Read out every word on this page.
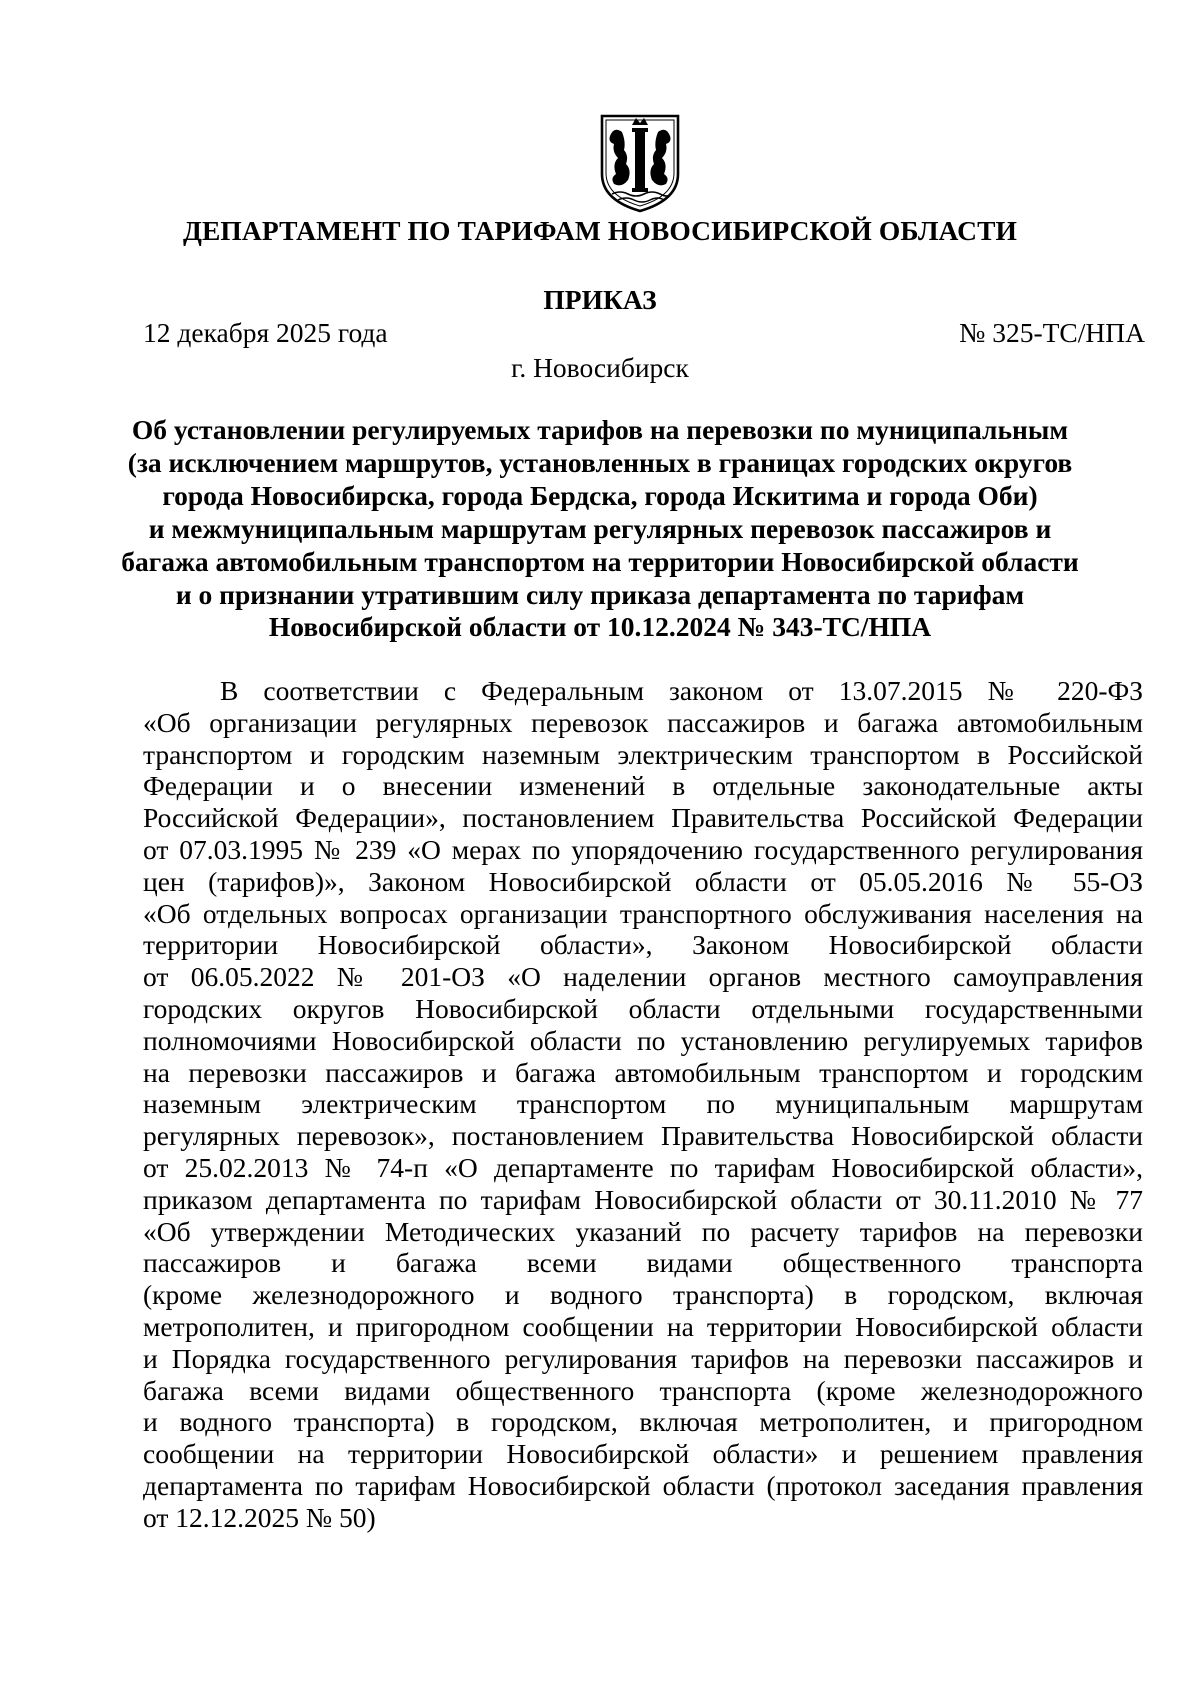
ДЕПАРТАМЕНТ ПО ТАРИФАМ НОВОСИБИРСКОЙ ОБЛАСТИ
ПРИКАЗ
12 декабря 2025 года	№ 325-ТС/НПА
г. Новосибирск
Об установлении регулируемых тарифов на перевозки по муниципальным
(за исключением маршрутов, установленных в границах городских округов
города Новосибирска, города Бердска, города Искитима и города Оби)
и межмуниципальным маршрутам регулярных перевозок пассажиров и
багажа автомобильным транспортом на территории Новосибирской области
и о признании утратившим силу приказа департамента по тарифам
Новосибирской области от 10.12.2024 № 343-ТС/НПА
В соответствии с Федеральным законом от 13.07.2015 № 220-ФЗ
«Об организации регулярных перевозок пассажиров и багажа автомобильным
транспортом и городским наземным электрическим транспортом в Российской
Федерации и о внесении изменений в отдельные законодательные акты
Российской Федерации», постановлением Правительства Российской Федерации
от 07.03.1995 № 239 «О мерах по упорядочению государственного регулирования
цен (тарифов)», Законом Новосибирской области от 05.05.2016 № 55-ОЗ
«Об отдельных вопросах организации транспортного обслуживания населения на
территории Новосибирской области», Законом Новосибирской области
от 06.05.2022 № 201-ОЗ «О наделении органов местного самоуправления
городских округов Новосибирской области отдельными государственными
полномочиями Новосибирской области по установлению регулируемых тарифов
на перевозки пассажиров и багажа автомобильным транспортом и городским
наземным электрическим транспортом по муниципальным маршрутам
регулярных перевозок», постановлением Правительства Новосибирской области
от 25.02.2013 № 74-п «О департаменте по тарифам Новосибирской области»,
приказом департамента по тарифам Новосибирской области от 30.11.2010 № 77
«Об утверждении Методических указаний по расчету тарифов на перевозки
пассажиров и багажа всеми видами общественного транспорта
(кроме железнодорожного и водного транспорта) в городском, включая
метрополитен, и пригородном сообщении на территории Новосибирской области
и Порядка государственного регулирования тарифов на перевозки пассажиров и
багажа всеми видами общественного транспорта (кроме железнодорожного
и водного транспорта) в городском, включая метрополитен, и пригородном
сообщении на территории Новосибирской области» и решением правления
департамента по тарифам Новосибирской области (протокол заседания правления
от 12.12.2025 № 50)
